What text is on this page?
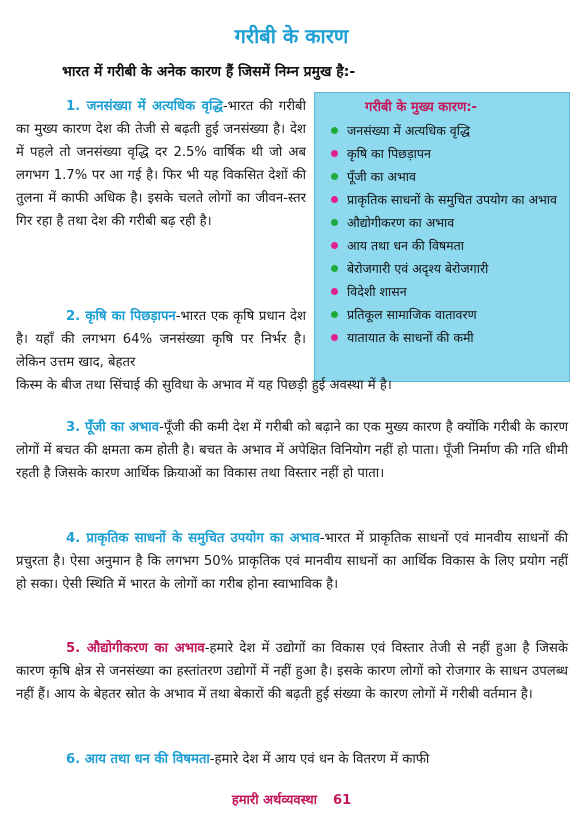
गरीबी के कारण
भारत में गरीबी के अनेक कारण हैं जिसमें निम्न प्रमुख है:-
गरीबी के मुख्य कारण:-
जनसंख्या में अत्यधिक वृद्धि
कृषि का पिछड़ापन
पूँजी का अभाव
प्राकृतिक साधनों के समुचित उपयोग का अभाव
औद्योगीकरण का अभाव
आय तथा धन की विषमता
बेरोजगारी एवं अदृश्य बेरोजगारी
विदेशी शासन
प्रतिकूल सामाजिक वातावरण
यातायात के साधनों की कमी
1. जनसंख्या में अत्यधिक वृद्धि-भारत की गरीबी का मुख्य कारण देश की तेजी से बढ़ती हुई जनसंख्या है। देश में पहले तो जनसंख्या वृद्धि दर 2.5% वार्षिक थी जो अब लगभग 1.7% पर आ गई है। फिर भी यह विकसित देशों की तुलना में काफी अधिक है। इसके चलते लोगों का जीवन-स्तर गिर रहा है तथा देश की गरीबी बढ़ रही है।
2. कृषि का पिछड़ापन-भारत एक कृषि प्रधान देश है। यहाँ की लगभग 64% जनसंख्या कृषि पर निर्भर है। लेकिन उत्तम खाद, बेहतर
किस्म के बीज तथा सिंचाई की सुविधा के अभाव में यह पिछड़ी हुई अवस्था में है।
3. पूँजी का अभाव-पूँजी की कमी देश में गरीबी को बढ़ाने का एक मुख्य कारण है क्योंकि गरीबी के कारण लोगों में बचत की क्षमता कम होती है। बचत के अभाव में अपेक्षित विनियोग नहीं हो पाता। पूँजी निर्माण की गति धीमी रहती है जिसके कारण आर्थिक क्रियाओं का विकास तथा विस्तार नहीं हो पाता।
4. प्राकृतिक साधनों के समुचित उपयोग का अभाव-भारत में प्राकृतिक साधनों एवं मानवीय साधनों की प्रचुरता है। ऐसा अनुमान है कि लगभग 50% प्राकृतिक एवं मानवीय साधनों का आर्थिक विकास के लिए प्रयोग नहीं हो सका। ऐसी स्थिति में भारत के लोगों का गरीब होना स्वाभाविक है।
5. औद्योगीकरण का अभाव-हमारे देश में उद्योगों का विकास एवं विस्तार तेजी से नहीं हुआ है जिसके कारण कृषि क्षेत्र से जनसंख्या का हस्तांतरण उद्योगों में नहीं हुआ है। इसके कारण लोगों को रोजगार के साधन उपलब्ध नहीं हैं। आय के बेहतर स्रोत के अभाव में तथा बेकारों की बढ़ती हुई संख्या के कारण लोगों में गरीबी वर्तमान है।
6. आय तथा धन की विषमता-हमारे देश में आय एवं धन के वितरण में काफी
हमारी अर्थव्यवस्था 61
